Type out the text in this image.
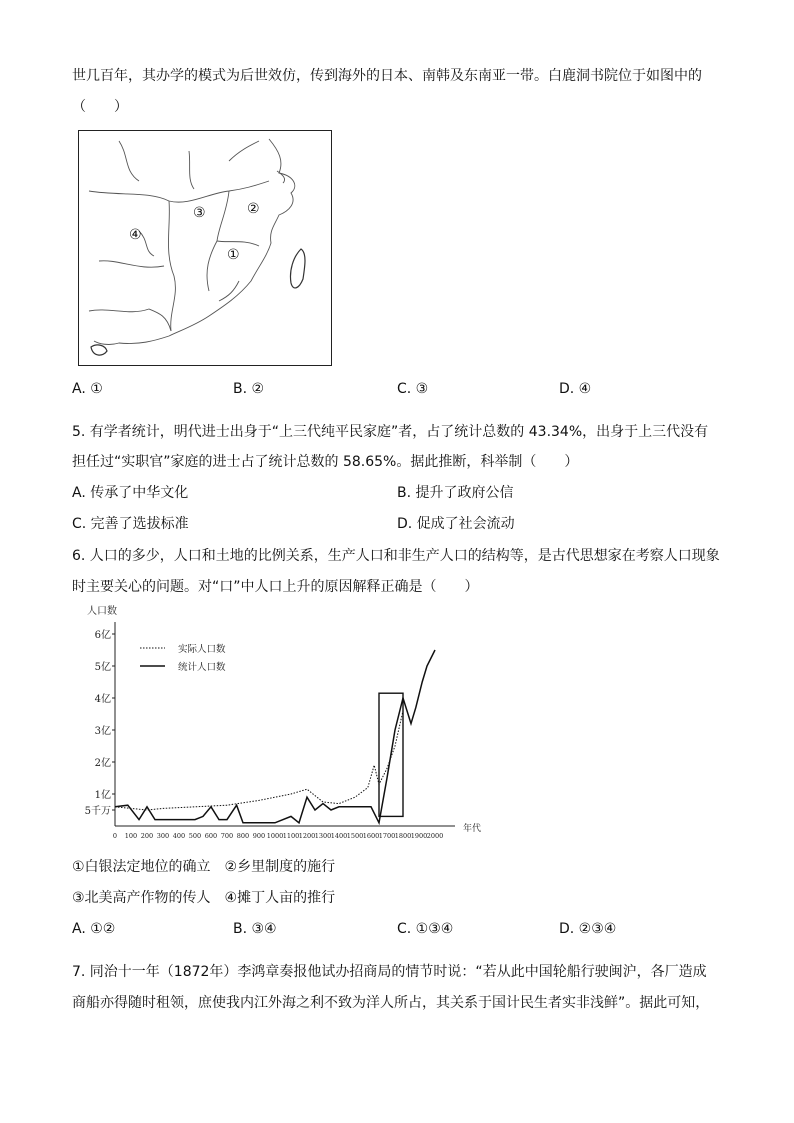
世几百年，其办学的模式为后世效仿，传到海外的日本、南韩及东南亚一带。白鹿洞书院位于如图中的
（　　）
③	②
④
①
A. ①	B. ②	C. ③	D. ④
5. 有学者统计，明代进士出身于“上三代纯平民家庭”者，占了统计总数的 43.34%，出身于上三代没有
担任过“实职官”家庭的进士占了统计总数的 58.65%。据此推断，科举制（　　）
A. 传承了中华文化	B. 提升了政府公信
C. 完善了选拔标准	D. 促成了社会流动
6. 人口的多少，人口和土地的比例关系，生产人口和非生产人口的结构等，是古代思想家在考察人口现象
时主要关心的问题。对“口”中人口上升的原因解释正确是（　　）
人口数
年代
6亿
5亿
4亿
3亿
2亿
1亿
5千万
0 100 200 300 400 500 600 700 800 900 1000 1100 1200 1300 1400 1500 1600 1700 1800 1900 2000
实际人口数
统计人口数
①白银法定地位的确立　②乡里制度的施行
③北美高产作物的传人　④摊丁人亩的推行
A. ①②	B. ③④	C. ①③④	D. ②③④
7. 同治十一年（1872年）李鸿章奏报他试办招商局的情节时说：“若从此中国轮船行驶闽沪，各厂造成
商船亦得随时租领，庶使我内江外海之利不致为洋人所占，其关系于国计民生者实非浅鲜”。据此可知，
